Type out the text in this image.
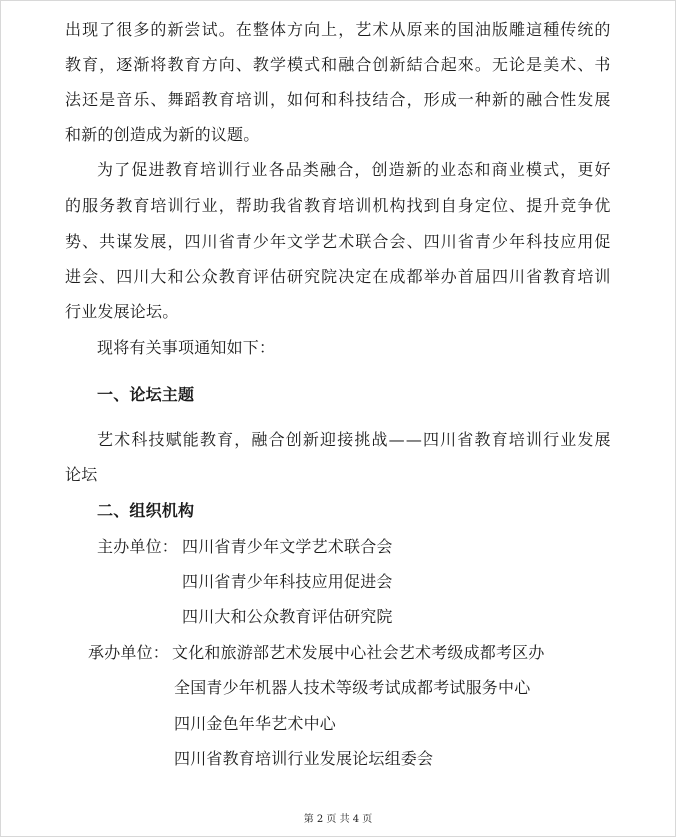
出 现 了 很 多 的 新 尝 试 。 在 整 体 方 向 上 ， 艺 术 从 原 来 的 国 油 版 雕 這 種 传 统 的
教 育 ， 逐 渐 将 教 育 方 向 、 教 学 模 式 和 融 合 创 新 結 合 起 來 。 无 论 是 美 术 、 书
法 还 是 音 乐 、 舞 蹈 教 育 培 训 ， 如 何 和 科 技 结 合 ， 形 成 一 种 新 的 融 合 性 发 展
和新的创造成为新的议题。
为 了 促 进 教 育 培 训 行 业 各 品 类 融 合 ， 创 造 新 的 业 态 和 商 业 模 式 ， 更 好
的 服 务 教 育 培 训 行 业 ， 帮 助 我 省 教 育 培 训 机 构 找 到 自 身 定 位 、 提 升 竞 争 优
势 、 共 谋 发 展 ， 四 川 省 青 少 年 文 学 艺 术 联 合 会 、 四 川 省 青 少 年 科 技 应 用 促
进 会 、 四 川 大 和 公 众 教 育 评 估 研 究 院 决 定 在 成 都 举 办 首 届 四 川 省 教 育 培 训
行业发展论坛。
现将有关事项通知如下：
一、论坛主题
艺 术 科 技 赋 能 教 育 ， 融 合 创 新 迎 接 挑 战 — — 四 川 省 教 育 培 训 行 业 发 展
论坛
二、组织机构
主办单位： 四川省青少年文学艺术联合会
四川省青少年科技应用促进会
四川大和公众教育评估研究院
承办单位： 文化和旅游部艺术发展中心社会艺术考级成都考区办
全国青少年机器人技术等级考试成都考试服务中心
四川金色年华艺术中心
四川省教育培训行业发展论坛组委会
第 2 页 共 4 页
